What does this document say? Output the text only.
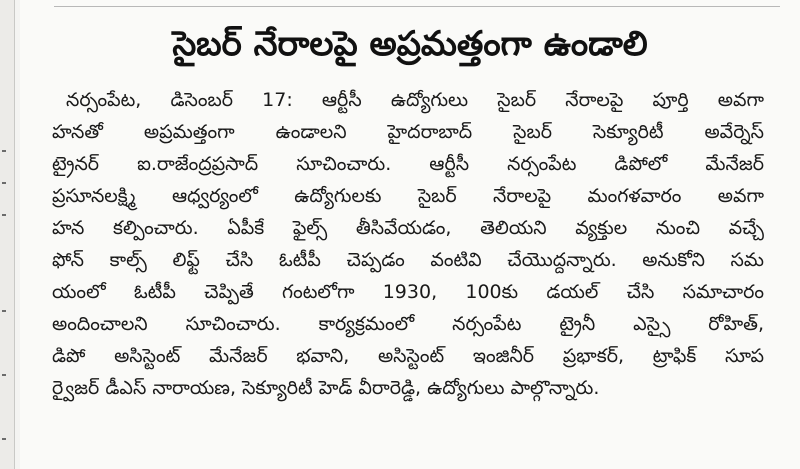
సైబర్ నేరాలపై అప్రమత్తంగా ఉండాలి
నర్సంపేట, డిసెంబర్ 17: ఆర్టీసీ ఉద్యోగులు సైబర్ నేరాలపై పూర్తి అవగా
హనతో అప్రమత్తంగా ఉండాలని హైదరాబాద్ సైబర్ సెక్యూరిటీ అవేర్నెస్
ట్రైనర్ ఐ.రాజేంద్రప్రసాద్ సూచించారు. ఆర్టీసీ నర్సంపేట డిపోలో మేనేజర్
ప్రసూనలక్ష్మి ఆధ్వర్యంలో ఉద్యోగులకు సైబర్ నేరాలపై మంగళవారం అవగా
హన కల్పించారు. ఏపీకే ఫైల్స్ తీసివేయడం, తెలియని వ్యక్తుల నుంచి వచ్చే
ఫోన్ కాల్స్ లిఫ్ట్ చేసి ఓటీపీ చెప్పడం వంటివి చేయొద్దన్నారు. అనుకోని సమ
యంలో ఓటీపీ చెప్పితే గంటలోగా 1930, 100కు డయల్ చేసి సమాచారం
అందించాలని సూచించారు. కార్యక్రమంలో నర్సంపేట ట్రైనీ ఎస్సై రోహిత్,
డిపో అసిస్టెంట్ మేనేజర్ భవాని, అసిస్టెంట్ ఇంజినీర్ ప్రభాకర్, ట్రాఫిక్ సూప
ర్వైజర్ డీఎస్ నారాయణ, సెక్యూరిటీ హెడ్ వీరారెడ్డి, ఉద్యోగులు పాల్గొన్నారు.
